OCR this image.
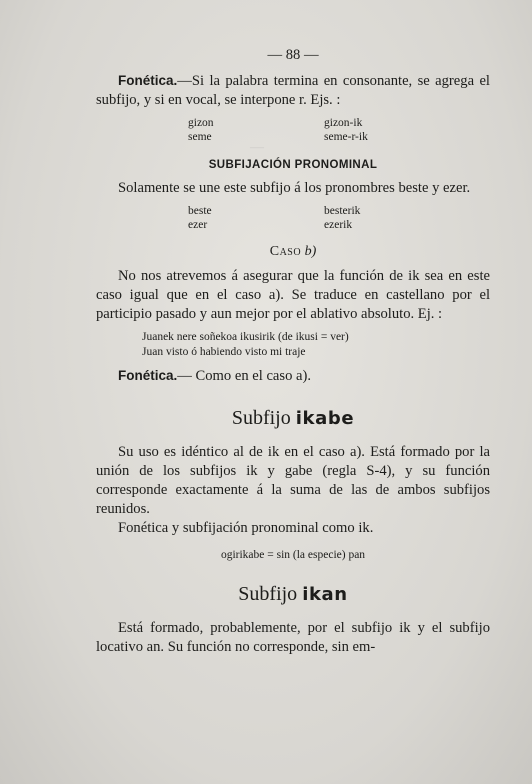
—
— 88 —

Fonética.—Si la palabra termina en consonante, se agrega el subfijo, y si en vocal, se interpone r. Ejs. :

gizon	gizon-ik
seme	seme-r-ik
SUBFIJACIÓN PRONOMINAL

Solamente se une este subfijo á los pronombres beste y ezer.

beste	besterik
ezer	ezerik
Caso b)

No nos atrevemos á asegurar que la función de ik sea en este caso igual que en el caso a). Se traduce en castellano por el participio pasado y aun mejor por el ablativo absoluto. Ej. :

Juanek nere soñekoa ikusirik (de ikusi = ver)
Juan visto ó habiendo visto mi traje

Fonética.— Como en el caso a).

Subfijo ikabe

Su uso es idéntico al de ik en el caso a). Está formado por la unión de los subfijos ik y gabe (regla S-4), y su función corresponde exactamente á la suma de las de ambos subfijos reunidos.

Fonética y subfijación pronominal como ik.

ogirikabe = sin (la especie) pan
Subfijo ikan

Está formado, probablemente, por el subfijo ik y el subfijo locativo an. Su función no corresponde, sin em-
